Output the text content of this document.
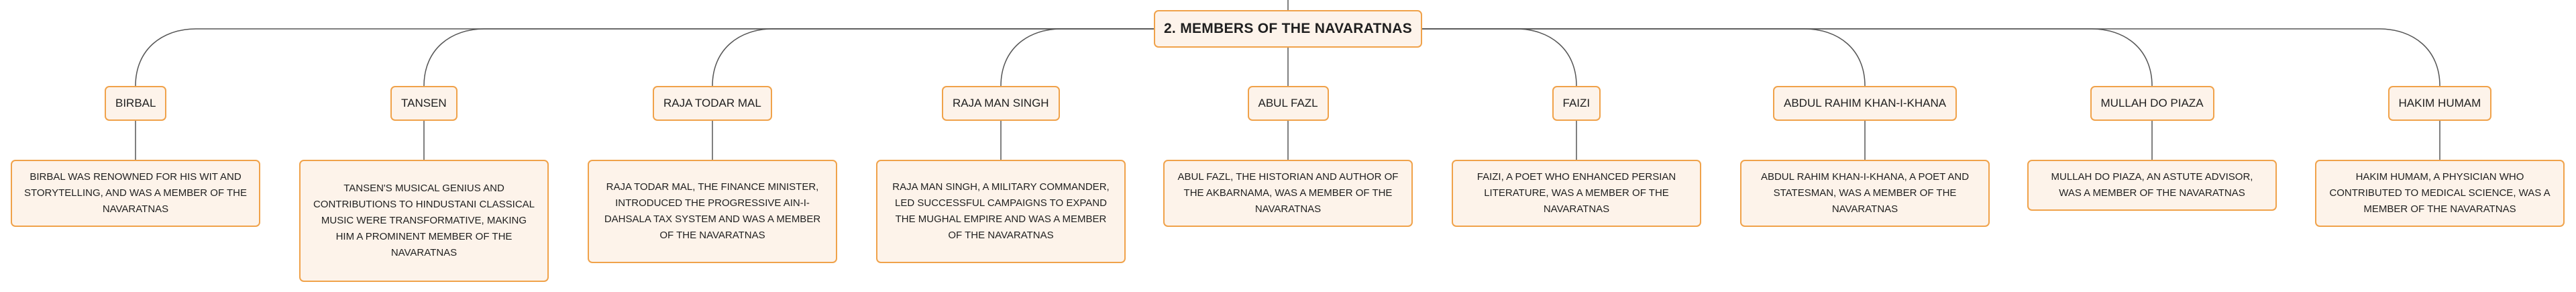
2. MEMBERS OF THE NAVARATNAS
BIRBAL	TANSEN	RAJA TODAR MAL	RAJA MAN SINGH	ABUL FAZL	FAIZI	ABDUL RAHIM KHAN-I-KHANA	MULLAH DO PIAZA	HAKIM HUMAM
BIRBAL WAS RENOWNED FOR HIS WIT AND STORYTELLING, AND WAS A MEMBER OF THE NAVARATNAS
TANSEN'S MUSICAL GENIUS AND CONTRIBUTIONS TO HINDUSTANI CLASSICAL MUSIC WERE TRANSFORMATIVE, MAKING HIM A PROMINENT MEMBER OF THE NAVARATNAS
RAJA TODAR MAL, THE FINANCE MINISTER, INTRODUCED THE PROGRESSIVE AIN-I-DAHSALA TAX SYSTEM AND WAS A MEMBER OF THE NAVARATNAS
RAJA MAN SINGH, A MILITARY COMMANDER, LED SUCCESSFUL CAMPAIGNS TO EXPAND THE MUGHAL EMPIRE AND WAS A MEMBER OF THE NAVARATNAS
ABUL FAZL, THE HISTORIAN AND AUTHOR OF THE AKBARNAMA, WAS A MEMBER OF THE NAVARATNAS
FAIZI, A POET WHO ENHANCED PERSIAN LITERATURE, WAS A MEMBER OF THE NAVARATNAS
ABDUL RAHIM KHAN-I-KHANA, A POET AND STATESMAN, WAS A MEMBER OF THE NAVARATNAS
MULLAH DO PIAZA, AN ASTUTE ADVISOR, WAS A MEMBER OF THE NAVARATNAS
HAKIM HUMAM, A PHYSICIAN WHO CONTRIBUTED TO MEDICAL SCIENCE, WAS A MEMBER OF THE NAVARATNAS
